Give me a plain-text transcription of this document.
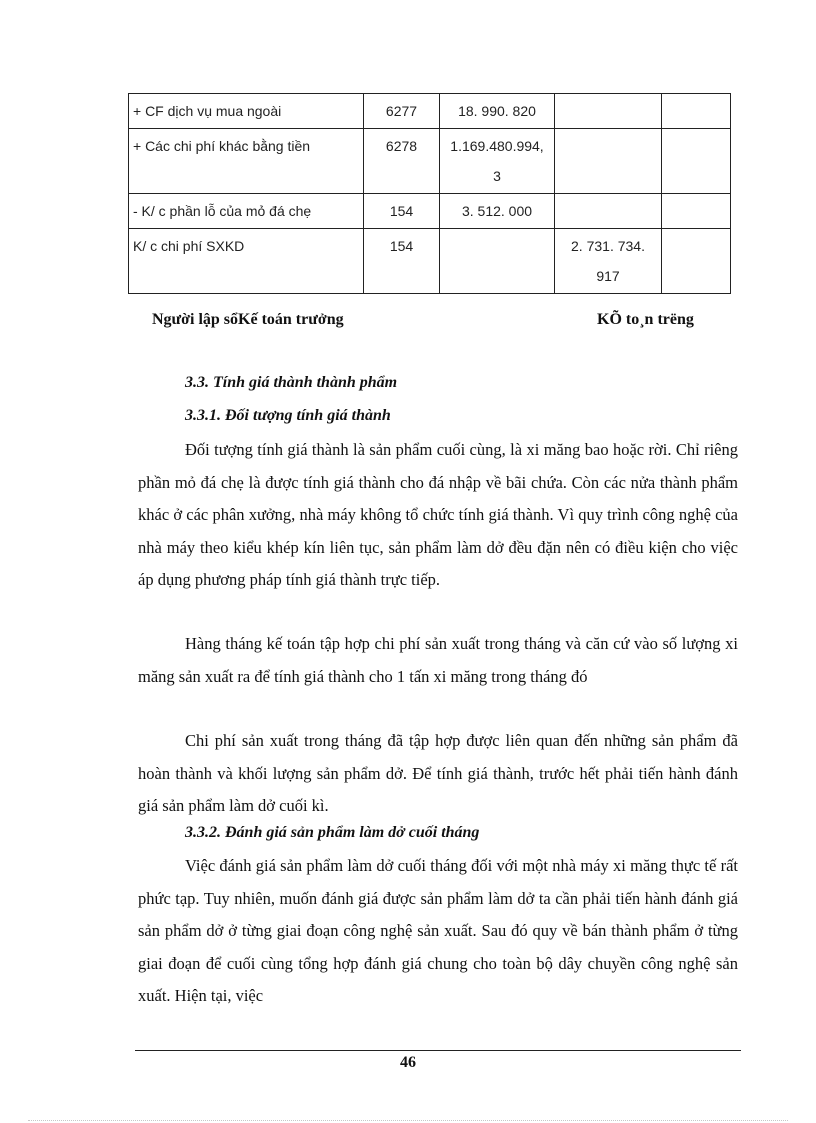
+ CF dịch vụ mua ngoài	6277	18. 990. 820		
+ Các chi phí khác bằng tiền	6278	1.169.480.994,
3		
- K/ c phần lỗ của mỏ đá chẹ	154	3. 512. 000		
K/ c chi phí SXKD	154		2. 731. 734.
917	
Người lập sổKế toán trưởng	KÕ to¸n trëng
3.3. Tính giá thành thành phẩm
3.3.1. Đối tượng tính giá thành

Đối tượng tính giá thành là sản phẩm cuối cùng, là xi măng bao hoặc rời. Chỉ riêng phần mỏ đá chẹ là được tính giá thành cho đá nhập về bãi chứa. Còn các nửa thành phẩm khác ở các phân xưởng, nhà máy không tổ chức tính giá thành. Vì quy trình công nghệ của nhà máy theo kiểu khép kín liên tục, sản phẩm làm dở đều đặn nên có điều kiện cho việc áp dụng phương pháp tính giá thành trực tiếp.

Hàng tháng kế toán tập hợp chi phí sản xuất trong tháng và căn cứ vào số lượng xi măng sản xuất ra để tính giá thành cho 1 tấn xi măng trong tháng đó

Chi phí sản xuất trong tháng đã tập hợp được liên quan đến những sản phẩm đã hoàn thành và khối lượng sản phẩm dở. Để tính giá thành, trước hết phải tiến hành đánh giá sản phẩm làm dở cuối kì.

3.3.2. Đánh giá sản phẩm làm dở cuối tháng

Việc đánh giá sản phẩm làm dở cuối tháng đối với một nhà máy xi măng thực tế rất phức tạp. Tuy nhiên, muốn đánh giá được sản phẩm làm dở ta cần phải tiến hành đánh giá sản phẩm dở ở từng giai đoạn công nghệ sản xuất. Sau đó quy về bán thành phẩm ở từng giai đoạn để cuối cùng tổng hợp đánh giá chung cho toàn bộ dây chuyền công nghệ sản xuất. Hiện tại, việc

46
